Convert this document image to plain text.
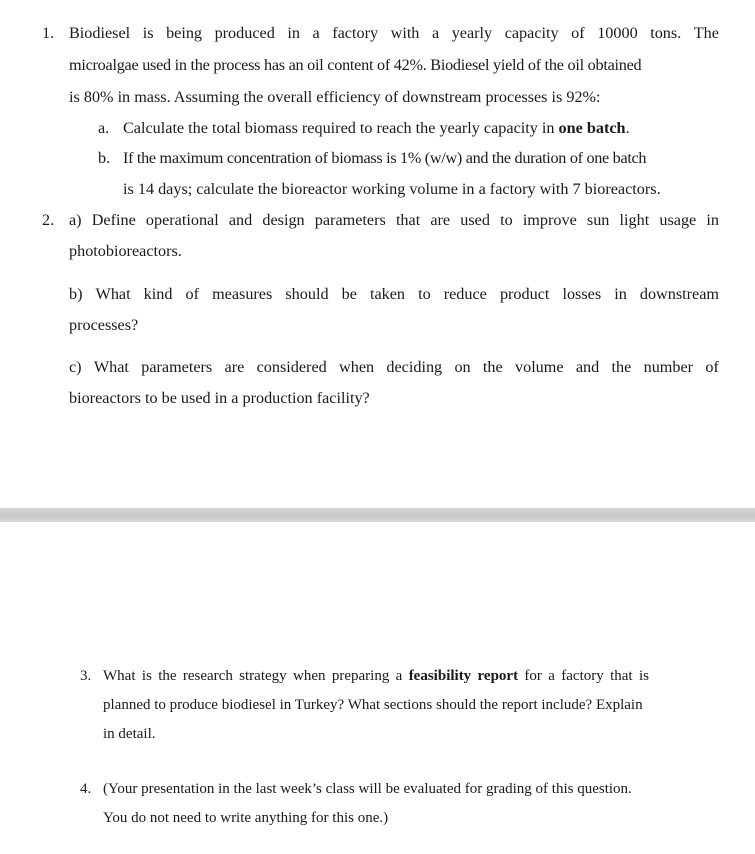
1. Biodiesel is being produced in a factory with a yearly capacity of 10000 tons. The
microalgae used in the process has an oil content of 42%. Biodiesel yield of the oil obtained
is 80% in mass. Assuming the overall efficiency of downstream processes is 92%:
a. Calculate the total biomass required to reach the yearly capacity in one batch.
b. If the maximum concentration of biomass is 1% (w/w) and the duration of one batch
is 14 days; calculate the bioreactor working volume in a factory with 7 bioreactors.
2. a) Define operational and design parameters that are used to improve sun light usage in
photobioreactors.
b) What kind of measures should be taken to reduce product losses in downstream
processes?
c) What parameters are considered when deciding on the volume and the number of
bioreactors to be used in a production facility?
3. What is the research strategy when preparing a feasibility report for a factory that is
planned to produce biodiesel in Turkey? What sections should the report include? Explain
in detail.
4. (Your presentation in the last week’s class will be evaluated for grading of this question.
You do not need to write anything for this one.)
